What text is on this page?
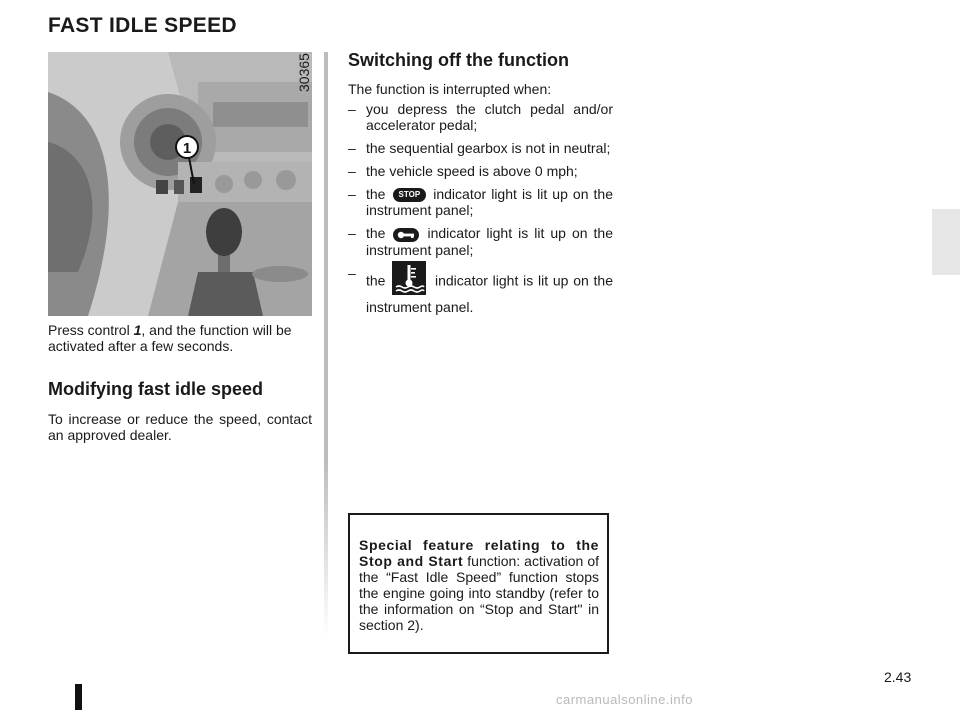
FAST IDLE SPEED
1
30365

Press control 1, and the function will be activated after a few seconds.

Modifying fast idle speed

To increase or reduce the speed, contact an approved dealer.

Switching off the function

The function is interrupted when:

– you depress the clutch pedal and/or accelerator pedal;
– the sequential gearbox is not in neutral;
– the vehicle speed is above 0 mph;
– the STOP indicator light is lit up on the instrument panel;
– the	indicator light is lit up on the instrument panel;
– the	indicator light is lit up on the instrument panel.
Special feature relating to the Stop and Start function: activation of the “Fast Idle Speed” function stops the engine going into standby (refer to the information on “Stop and Start" in section 2).
2.43
carmanualsonline.info
